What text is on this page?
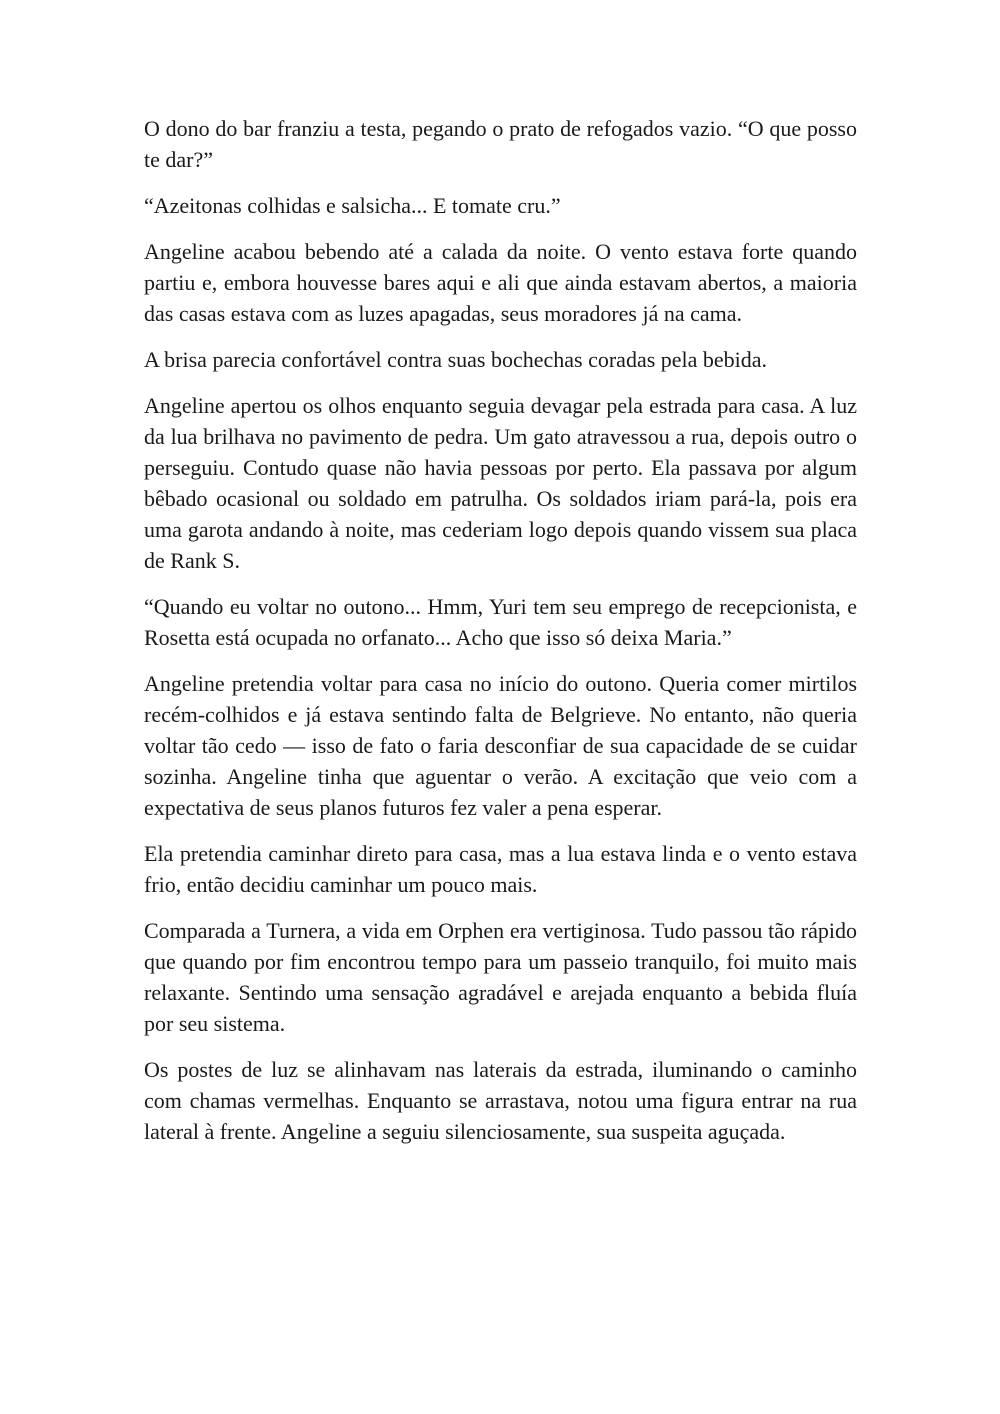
O dono do bar franziu a testa, pegando o prato de refogados vazio. “O que posso te dar?”

“Azeitonas colhidas e salsicha... E tomate cru.”

Angeline acabou bebendo até a calada da noite. O vento estava forte quando partiu e, embora houvesse bares aqui e ali que ainda estavam abertos, a maioria das casas estava com as luzes apagadas, seus moradores já na cama.

A brisa parecia confortável contra suas bochechas coradas pela bebida.

Angeline apertou os olhos enquanto seguia devagar pela estrada para casa. A luz da lua brilhava no pavimento de pedra. Um gato atravessou a rua, depois outro o perseguiu. Contudo quase não havia pessoas por perto. Ela passava por algum bêbado ocasional ou soldado em patrulha. Os soldados iriam pará-la, pois era uma garota andando à noite, mas cederiam logo depois quando vissem sua placa de Rank S.

“Quando eu voltar no outono... Hmm, Yuri tem seu emprego de recepcionista, e Rosetta está ocupada no orfanato... Acho que isso só deixa Maria.”

Angeline pretendia voltar para casa no início do outono. Queria comer mirtilos recém-colhidos e já estava sentindo falta de Belgrieve. No entanto, não queria voltar tão cedo — isso de fato o faria desconfiar de sua capacidade de se cuidar sozinha. Angeline tinha que aguentar o verão. A excitação que veio com a expectativa de seus planos futuros fez valer a pena esperar.

Ela pretendia caminhar direto para casa, mas a lua estava linda e o vento estava frio, então decidiu caminhar um pouco mais.

Comparada a Turnera, a vida em Orphen era vertiginosa. Tudo passou tão rápido que quando por fim encontrou tempo para um passeio tranquilo, foi muito mais relaxante. Sentindo uma sensação agradável e arejada enquanto a bebida fluía por seu sistema.

Os postes de luz se alinhavam nas laterais da estrada, iluminando o caminho com chamas vermelhas. Enquanto se arrastava, notou uma figura entrar na rua lateral à frente. Angeline a seguiu silenciosamente, sua suspeita aguçada.
